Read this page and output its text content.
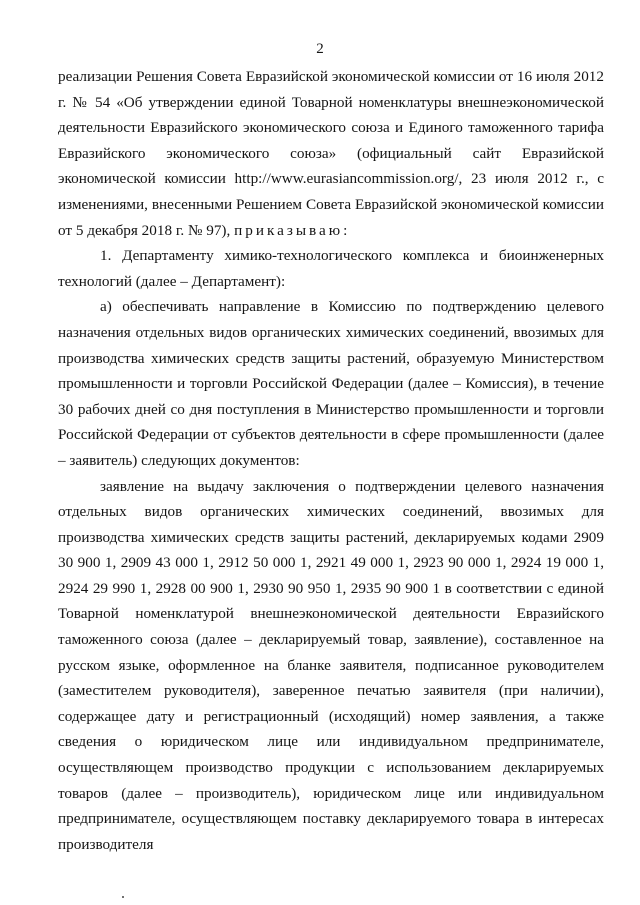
2

реализации Решения Совета Евразийской экономической комиссии от 16 июля 2012 г. № 54 «Об утверждении единой Товарной номенклатуры внешнеэкономической деятельности Евразийского экономического союза и Единого таможенного тарифа Евразийского экономического союза» (официальный сайт Евразийской экономической комиссии http://www.eurasiancommission.org/, 23 июля 2012 г., с изменениями, внесенными Решением Совета Евразийской экономической комиссии от 5 декабря 2018 г. № 97), приказываю:

1. Департаменту химико-технологического комплекса и биоинженерных технологий (далее – Департамент):

а) обеспечивать направление в Комиссию по подтверждению целевого назначения отдельных видов органических химических соединений, ввозимых для производства химических средств защиты растений, образуемую Министерством промышленности и торговли Российской Федерации (далее – Комиссия), в течение 30 рабочих дней со дня поступления в Министерство промышленности и торговли Российской Федерации от субъектов деятельности в сфере промышленности (далее – заявитель) следующих документов:

заявление на выдачу заключения о подтверждении целевого назначения отдельных видов органических химических соединений, ввозимых для производства химических средств защиты растений, декларируемых кодами 2909 30 900 1, 2909 43 000 1, 2912 50 000 1, 2921 49 000 1, 2923 90 000 1, 2924 19 000 1, 2924 29 990 1, 2928 00 900 1, 2930 90 950 1, 2935 90 900 1 в соответствии с единой Товарной номенклатурой внешнеэкономической деятельности Евразийского таможенного союза (далее – декларируемый товар, заявление), составленное на русском языке, оформленное на бланке заявителя, подписанное руководителем (заместителем руководителя), заверенное печатью заявителя (при наличии), содержащее дату и регистрационный (исходящий) номер заявления, а также сведения о юридическом лице или индивидуальном предпринимателе, осуществляющем производство продукции с использованием декларируемых товаров (далее – производитель), юридическом лице или индивидуальном предпринимателе, осуществляющем поставку декларируемого товара в интересах производителя
